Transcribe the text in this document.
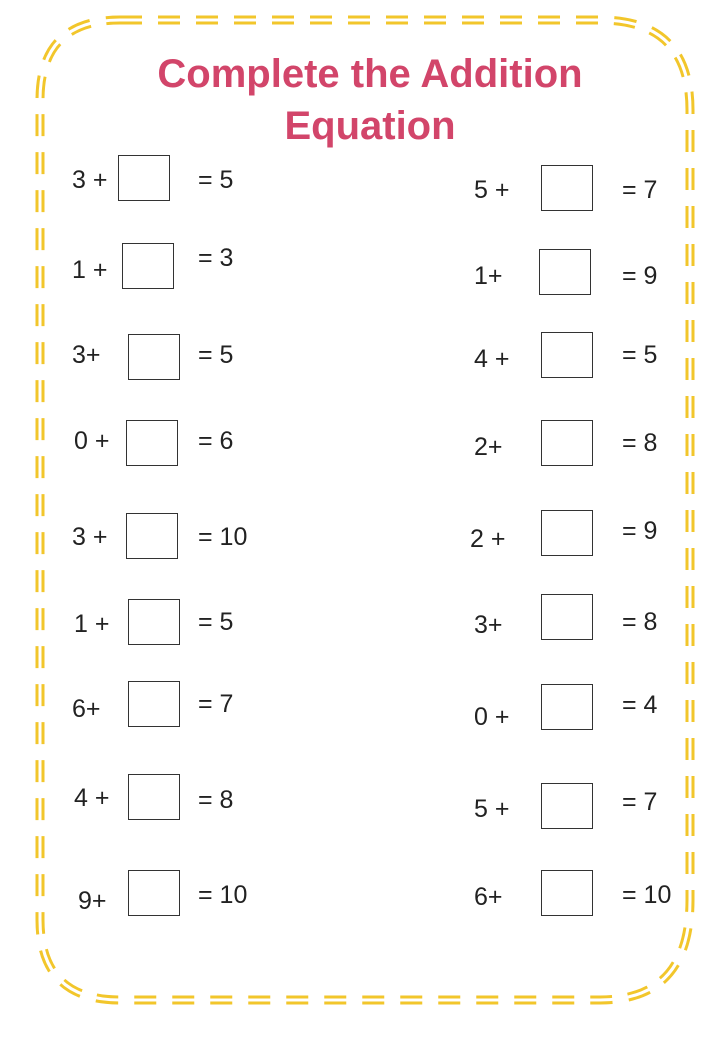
Complete the Addition
Equation
3 +	= 5
1 +	= 3
3+	= 5
0 +	= 6
3 +	= 10
1 +	= 5
6+	= 7
4 +	= 8
9+	= 10
5 +	= 7
1+	= 9
4 +	= 5
2+	= 8
2 +	= 9
3+	= 8
0 +	= 4
5 +	= 7
6+	= 10
